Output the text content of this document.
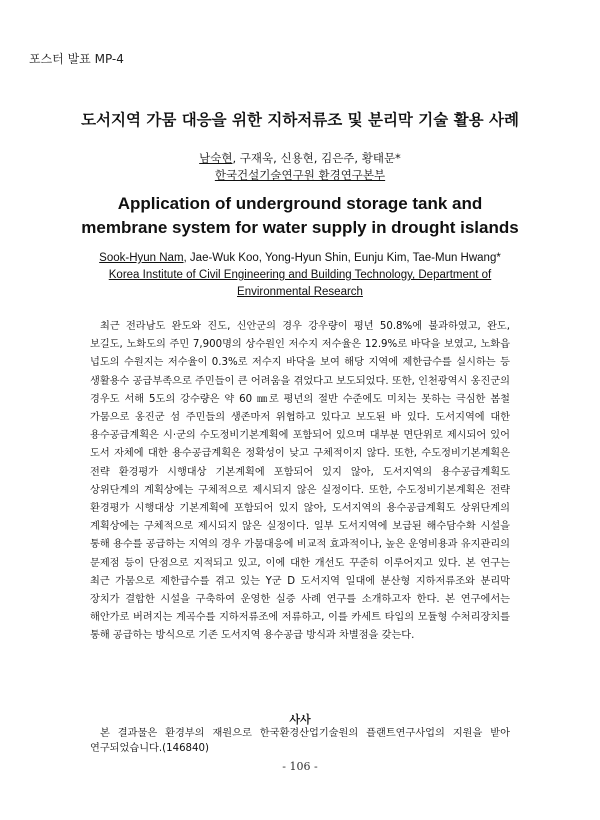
포스터 발표 MP-4
도서지역 가뭄 대응을 위한 지하저류조 및 분리막 기술 활용 사례
남숙현, 구재욱, 신용현, 김은주, 황태문*
한국건설기술연구원 환경연구본부
Application of underground storage tank and membrane system for water supply in drought islands
Sook-Hyun Nam, Jae-Wuk Koo, Yong-Hyun Shin, Eunju Kim, Tae-Mun Hwang*
Korea Institute of Civil Engineering and Building Technology, Department of Environmental Research

최근 전라남도 완도와 진도, 신안군의 경우 강우량이 평년 50.8%에 불과하였고, 완도, 보길도, 노화도의 주민 7,900명의 상수원인 저수지 저수율은 12.9%로 바닥을 보였고, 노화읍 넙도의 수원지는 저수율이 0.3%로 저수지 바닥을 보여 해당 지역에 제한급수를 실시하는 등 생활용수 공급부족으로 주민들이 큰 어려움을 겪었다고 보도되었다. 또한, 인천광역시 옹진군의 경우도 서해 5도의 강수량은 약 60 ㎜로 평년의 절반 수준에도 미치는 못하는 극심한 봄철 가뭄으로 옹진군 섬 주민들의 생존마저 위협하고 있다고 보도된 바 있다. 도서지역에 대한 용수공급계획은 시·군의 수도정비기본계획에 포함되어 있으며 대부분 면단위로 제시되어 있어 도서 자체에 대한 용수공급계획은 정확성이 낮고 구체적이지 않다. 또한, 수도정비기본계획은 전략 환경평가 시행대상 기본계획에 포함되어 있지 않아, 도서지역의 용수공급계획도 상위단계의 계획상에는 구체적으로 제시되지 않은 실정이다. 또한, 수도정비기본계획은 전략 환경평가 시행대상 기본계획에 포함되어 있지 않아, 도서지역의 용수공급계획도 상위단계의 계획상에는 구체적으로 제시되지 않은 실정이다. 일부 도서지역에 보급된 해수담수화 시설을 통해 용수를 공급하는 지역의 경우 가뭄대응에 비교적 효과적이나, 높은 운영비용과 유지관리의 문제점 등이 단점으로 지적되고 있고, 이에 대한 개선도 꾸준히 이루어지고 있다. 본 연구는 최근 가뭄으로 제한급수를 겪고 있는 Y군 D 도서지역 일대에 분산형 지하저류조와 분리막 장치가 결합한 시설을 구축하여 운영한 실증 사례 연구를 소개하고자 한다. 본 연구에서는 해안가로 버려지는 계곡수를 지하저류조에 저류하고, 이를 카세트 타입의 모듈형 수처리장치를 통해 공급하는 방식으로 기존 도서지역 용수공급 방식과 차별점을 갖는다.

사사

본 결과물은 환경부의 재원으로 한국환경산업기술원의 플랜트연구사업의 지원을 받아 연구되었습니다.(146840)

- 106 -
